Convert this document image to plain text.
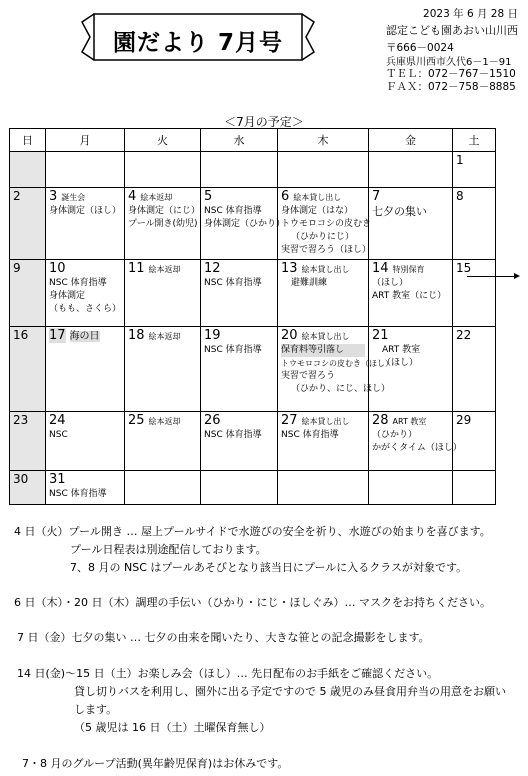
園だより 7月号
2023 年 6 月 28 日
認定こども園あおい山川西
〒666－0024
兵庫県川西市久代6－1－91
ＴＥＬ：072－767－1510
ＦＡＸ：072－758－8885
＜7月の予定＞
日	月	火	水	木	金	土

						1

2	3 誕生会
身体測定（ほし）	4 絵本返却
身体測定（にじ）
プール開き(幼児)	5
NSC 体育指導
身体測定（ひかり）	6 絵本貸し出し
身体測定（はな）
トウモロコシの皮むき
（ひかりにじ）
実習で習ろう（ほし）	7
七夕の集い	8

9	10
NSC 体育指導
身体測定
（もも、さくら）	11 絵本返却	12
NSC 体育指導	13 絵本貸し出し
避難訓練	14 特別保育
（ほし）
ART 教室（にじ）	15

16	17 海の日	18 絵本返却	19
NSC 体育指導	20 絵本貸し出し
保育料等引落し
トウモロコシの皮むき（ほし）
実習で習ろう
（ひかり、にじ、ほし）	21
ART 教室
（ほし）	22

23	24
NSC	25 絵本返却	26
NSC 体育指導	27 絵本貸し出し
NSC 体育指導	28 ART 教室
（ひかり）
かがくタイム（ほし）	29

30	31
NSC 体育指導					

4 日（火）プール開き … 屋上プールサイドで水遊びの安全を祈り、水遊びの始まりを喜びます。
プール日程表は別途配信しております。
7、8 月の NSC はプールあそびとなり該当日にプールに入るクラスが対象です。
6 日（木）・20 日（木）調理の手伝い（ひかり・にじ・ほしぐみ）… マスクをお持ちください。
7 日（金）七夕の集い … 七夕の由来を聞いたり、大きな笹との記念撮影をします。
14 日(金)～15 日（土）お楽しみ会（ほし）… 先日配布のお手紙をご確認ください。
貸し切りバスを利用し、園外に出る予定ですので 5 歳児のみ昼食用弁当の用意をお願い
します。
（5 歳児は 16 日（土）土曜保育無し）
7・8 月のグループ活動(異年齢児保育)はお休みです。
